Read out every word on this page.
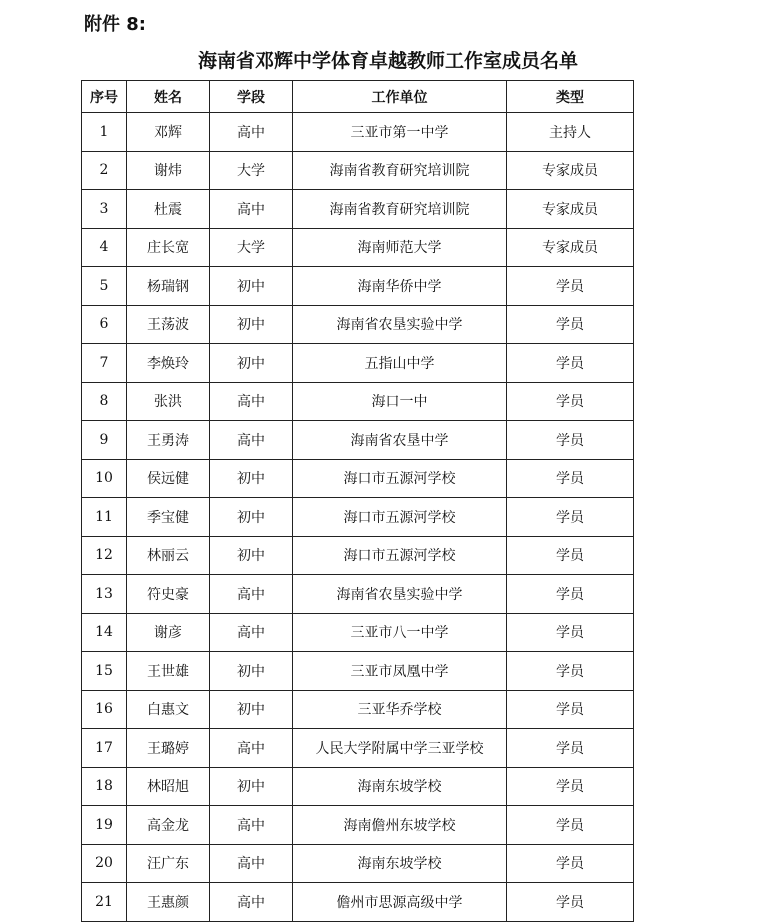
附件 8:
海南省邓辉中学体育卓越教师工作室成员名单
序号	姓名	学段	工作单位	类型
1	邓辉	高中	三亚市第一中学	主持人
2	谢炜	大学	海南省教育研究培训院	专家成员
3	杜震	高中	海南省教育研究培训院	专家成员
4	庄长宽	大学	海南师范大学	专家成员
5	杨瑞钢	初中	海南华侨中学	学员
6	王荡波	初中	海南省农垦实验中学	学员
7	李焕玲	初中	五指山中学	学员
8	张洪	高中	海口一中	学员
9	王勇涛	高中	海南省农垦中学	学员
10	侯远健	初中	海口市五源河学校	学员
11	季宝健	初中	海口市五源河学校	学员
12	林丽云	初中	海口市五源河学校	学员
13	符史豪	高中	海南省农垦实验中学	学员
14	谢彦	高中	三亚市八一中学	学员
15	王世雄	初中	三亚市凤凰中学	学员
16	白惠文	初中	三亚华乔学校	学员
17	王璐婷	高中	人民大学附属中学三亚学校	学员
18	林昭旭	初中	海南东坡学校	学员
19	高金龙	高中	海南儋州东坡学校	学员
20	汪广东	高中	海南东坡学校	学员
21	王惠颜	高中	儋州市思源高级中学	学员
